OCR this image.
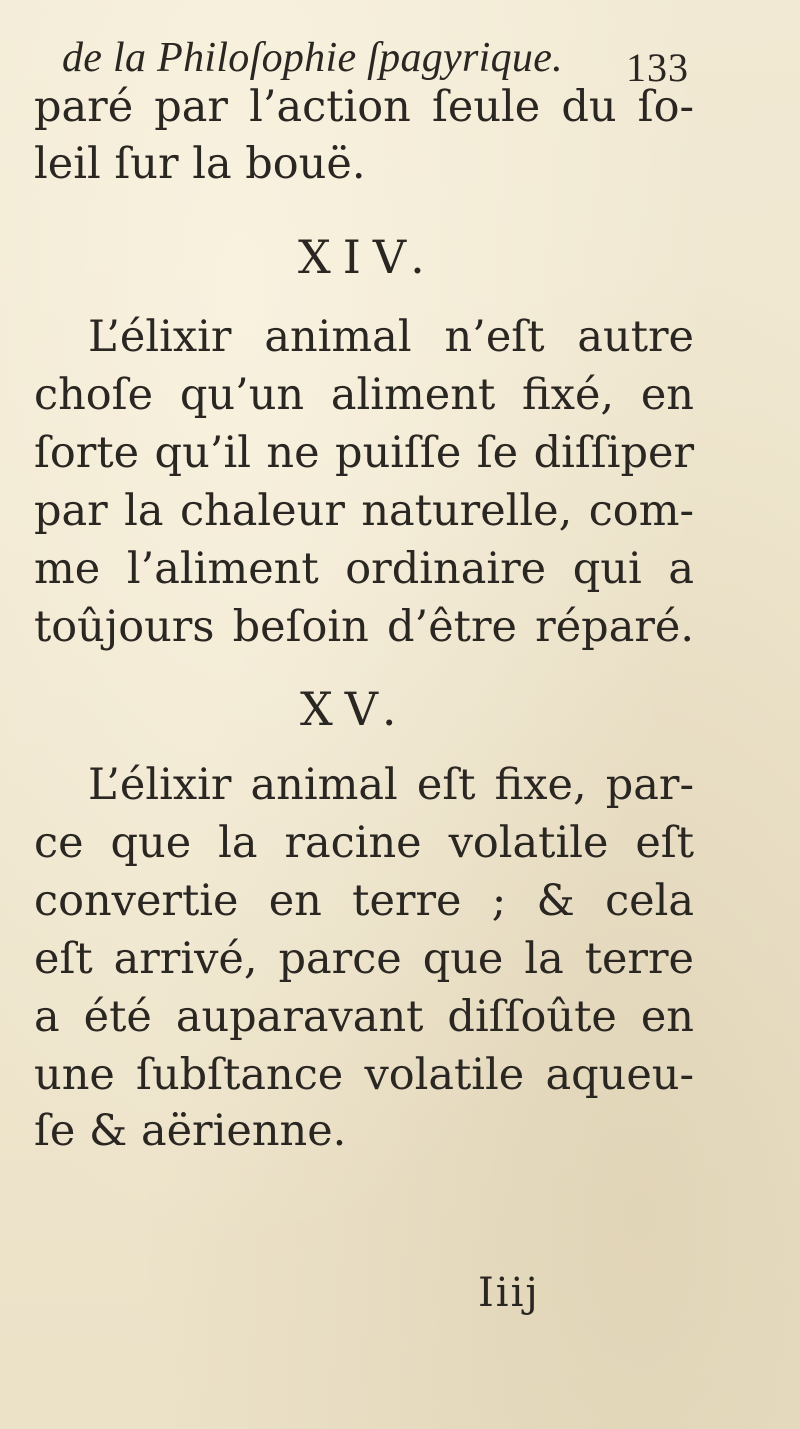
de la Philoſophie ſpagyrique. 133
paré par l’action ſeule du ſo-
leil ſur la bouë.
XIV.
L’élixir animal n’eſt autre
choſe qu’un aliment fixé, en
ſorte qu’il ne puiſſe ſe diſſiper
par la chaleur naturelle, com-
me l’aliment ordinaire qui a
toûjours beſoin d’être réparé.
XV.
L’élixir animal eſt fixe, par-
ce que la racine volatile eſt
convertie en terre ; & cela
eſt arrivé, parce que la terre
a été auparavant diſſoûte en
une ſubſtance volatile aqueu-
ſe & aërienne.
Iiij
